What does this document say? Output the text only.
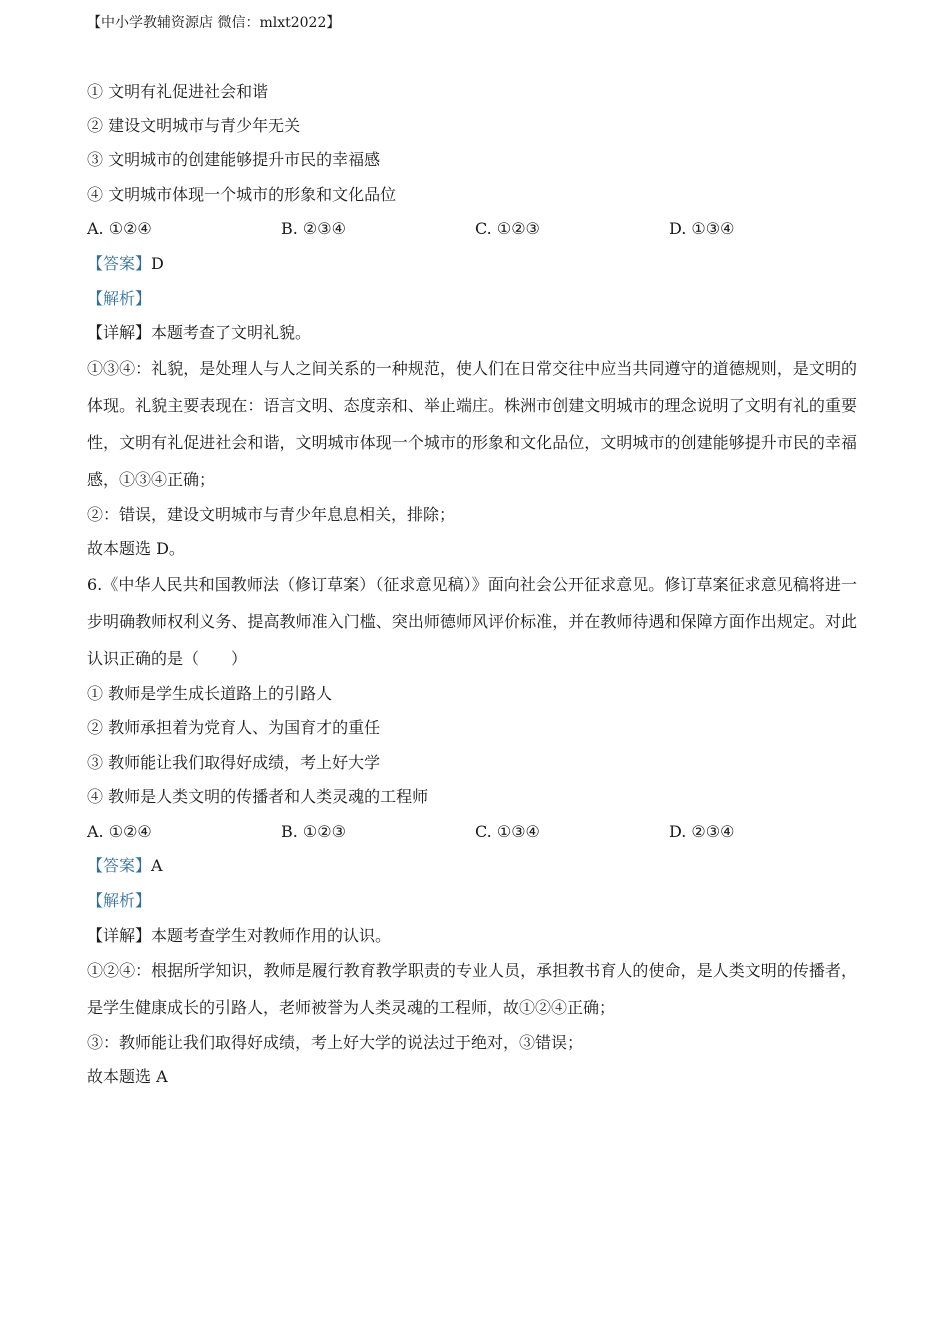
【中小学教辅资源店 微信：mlxt2022】
① 文明有礼促进社会和谐
② 建设文明城市与青少年无关
③ 文明城市的创建能够提升市民的幸福感
④ 文明城市体现一个城市的形象和文化品位
A. ①②④	B. ②③④	C. ①②③	D. ①③④
【答案】D
【解析】
【详解】本题考查了文明礼貌。

①③④：礼貌，是处理人与人之间关系的一种规范，使人们在日常交往中应当共同遵守的道德规则，是文明的体现。礼貌主要表现在：语言文明、态度亲和、举止端庄。株洲市创建文明城市的理念说明了文明有礼的重要性，文明有礼促进社会和谐，文明城市体现一个城市的形象和文化品位，文明城市的创建能够提升市民的幸福感，①③④正确；

②：错误，建设文明城市与青少年息息相关，排除；
故本题选 D。

6.《中华人民共和国教师法（修订草案）（征求意见稿）》面向社会公开征求意见。修订草案征求意见稿将进一步明确教师权利义务、提高教师准入门槛、突出师德师风评价标准，并在教师待遇和保障方面作出规定。对此认识正确的是（　　）

① 教师是学生成长道路上的引路人
② 教师承担着为党育人、为国育才的重任
③ 教师能让我们取得好成绩，考上好大学
④ 教师是人类文明的传播者和人类灵魂的工程师
A. ①②④	B. ①②③	C. ①③④	D. ②③④
【答案】A
【解析】
【详解】本题考查学生对教师作用的认识。

①②④：根据所学知识，教师是履行教育教学职责的专业人员，承担教书育人的使命，是人类文明的传播者，是学生健康成长的引路人，老师被誉为人类灵魂的工程师，故①②④正确；

③：教师能让我们取得好成绩，考上好大学的说法过于绝对，③错误；
故本题选 A
